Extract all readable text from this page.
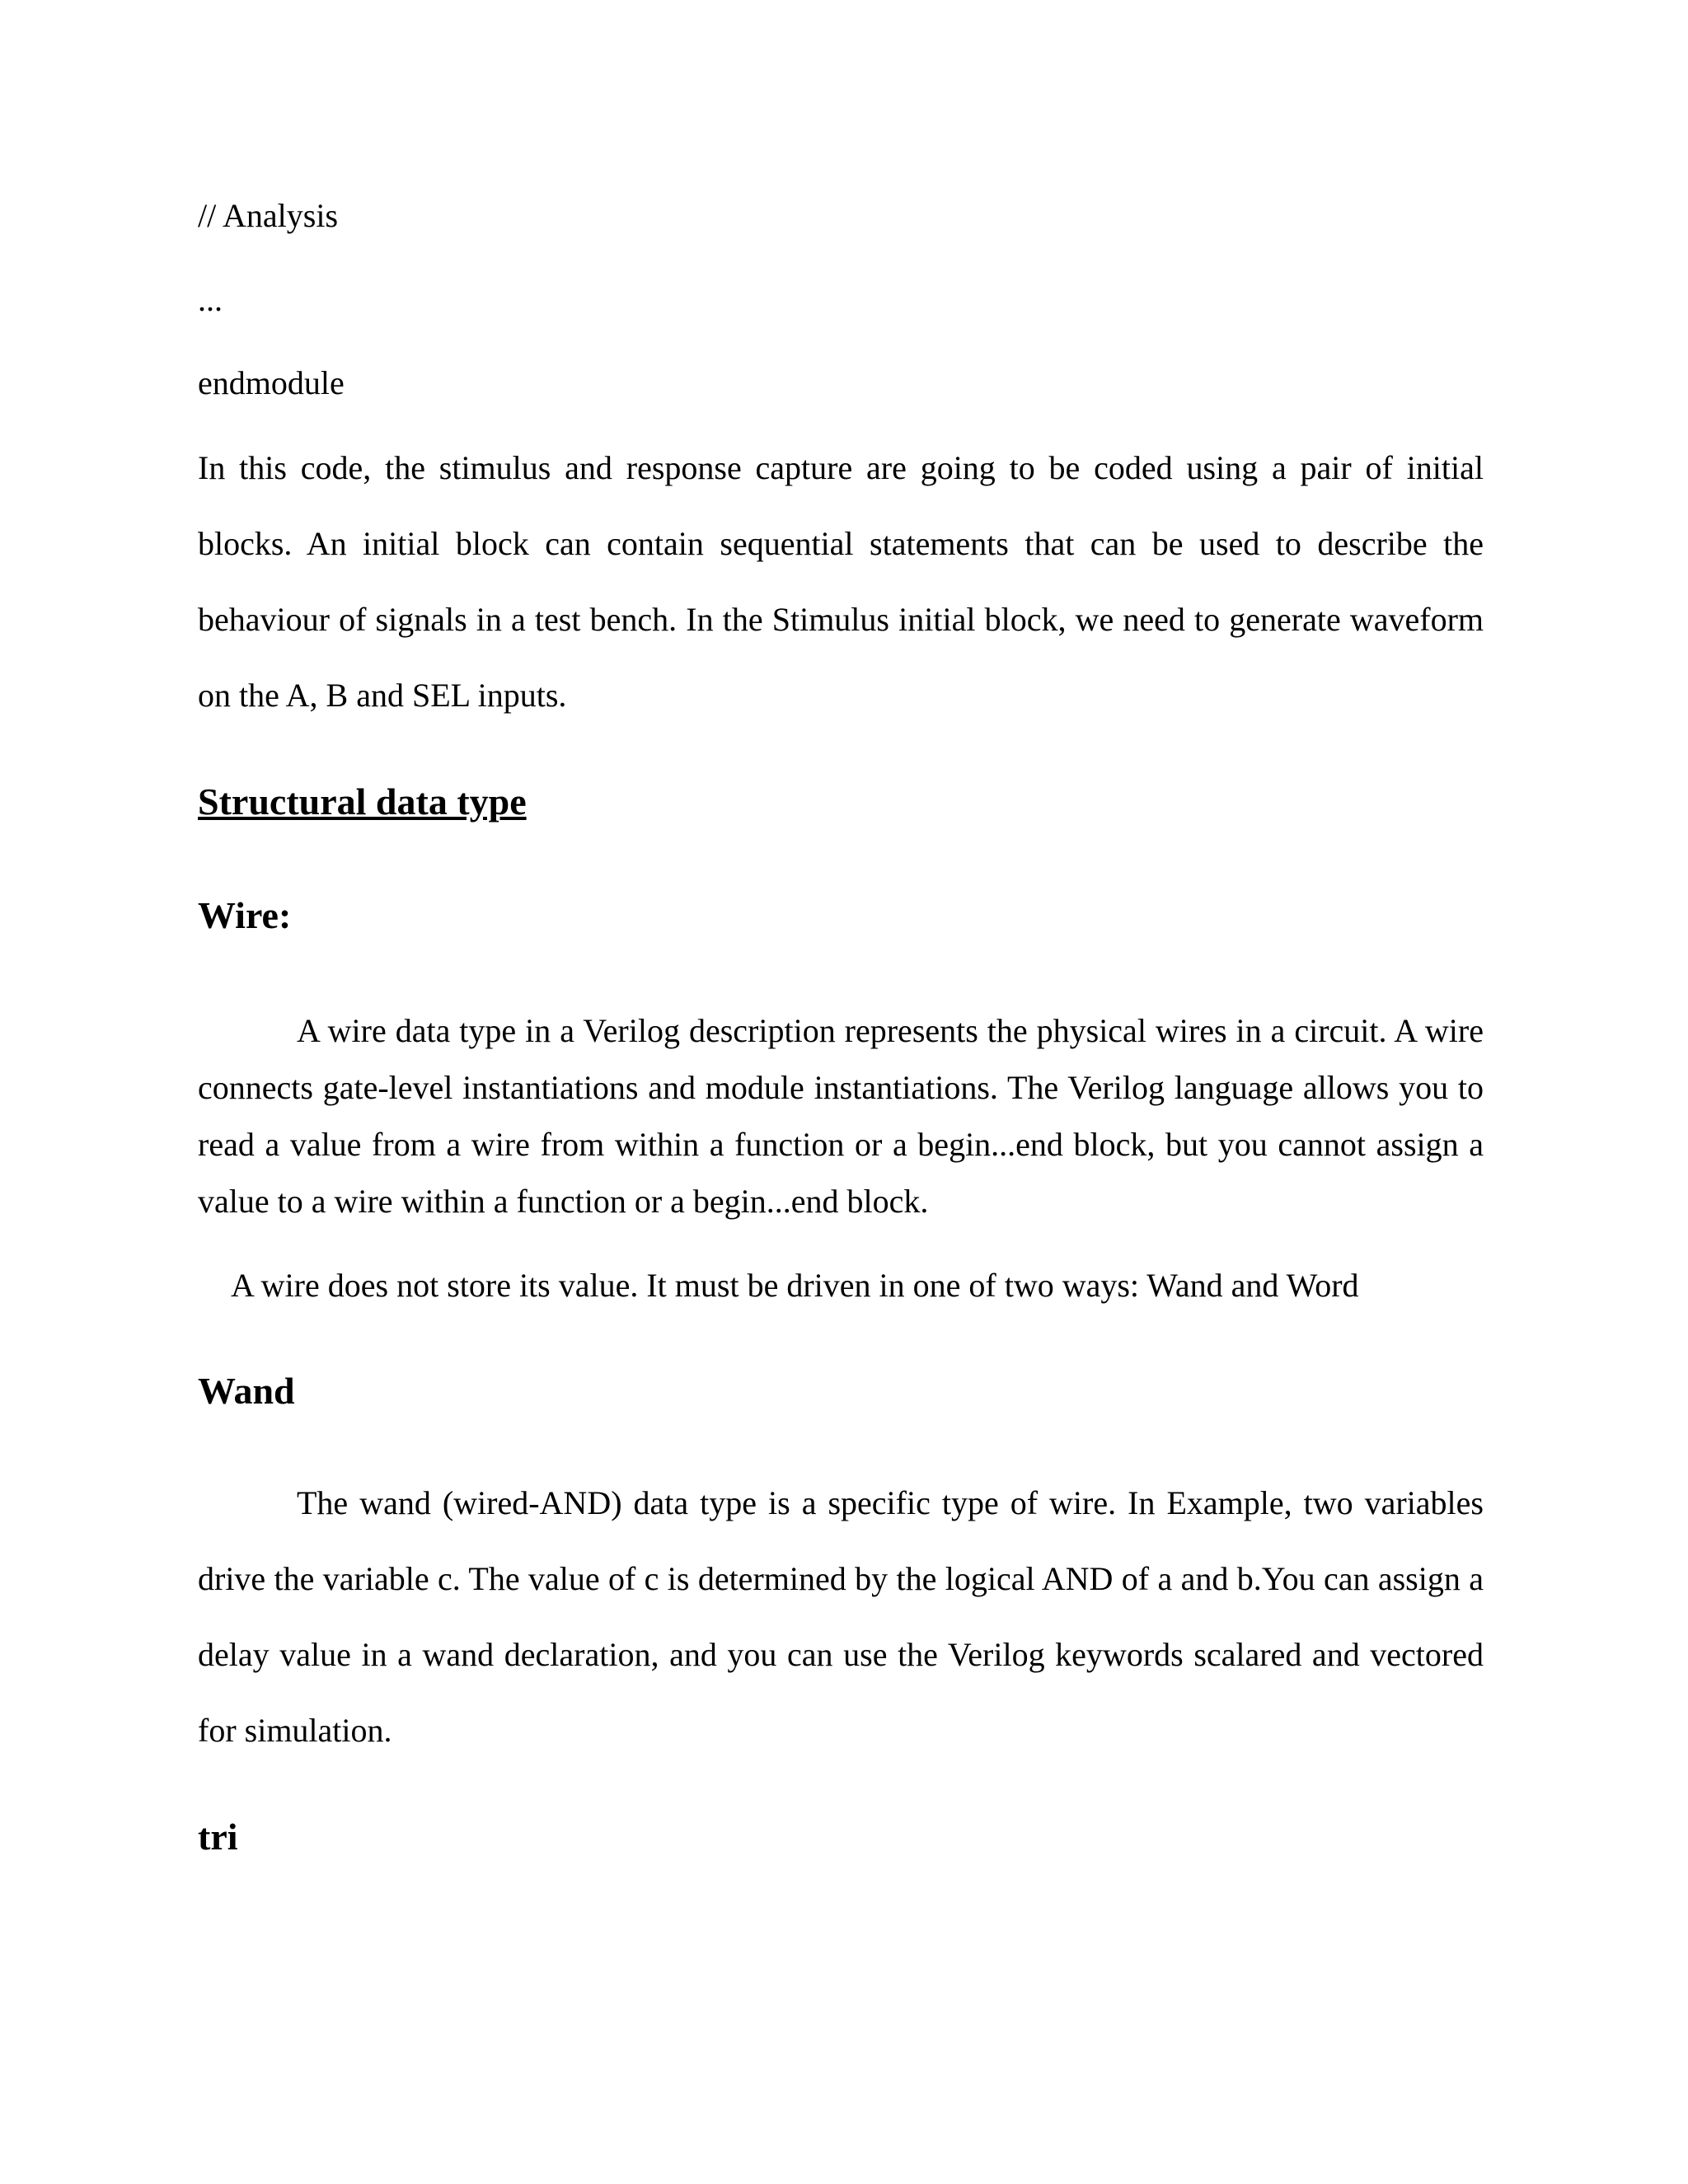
// Analysis

...

endmodule

In this code, the stimulus and response capture are going to be coded using a pair of initial blocks. An initial block can contain sequential statements that can be used to describe the behaviour of signals in a test bench. In the Stimulus initial block, we need to generate waveform on the A, B and SEL inputs.

Structural data type
Wire:

A wire data type in a Verilog description represents the physical wires in a circuit. A wire connects gate-level instantiations and module instantiations. The Verilog language allows you to read a value from a wire from within a function or a begin...end block, but you cannot assign a value to a wire within a function or a begin...end block.

A wire does not store its value. It must be driven in one of two ways: Wand and Word

Wand

The wand (wired-AND) data type is a specific type of wire. In Example, two variables drive the variable c. The value of c is determined by the logical AND of a and b.You can assign a delay value in a wand declaration, and you can use the Verilog keywords scalared and vectored for simulation.

tri
